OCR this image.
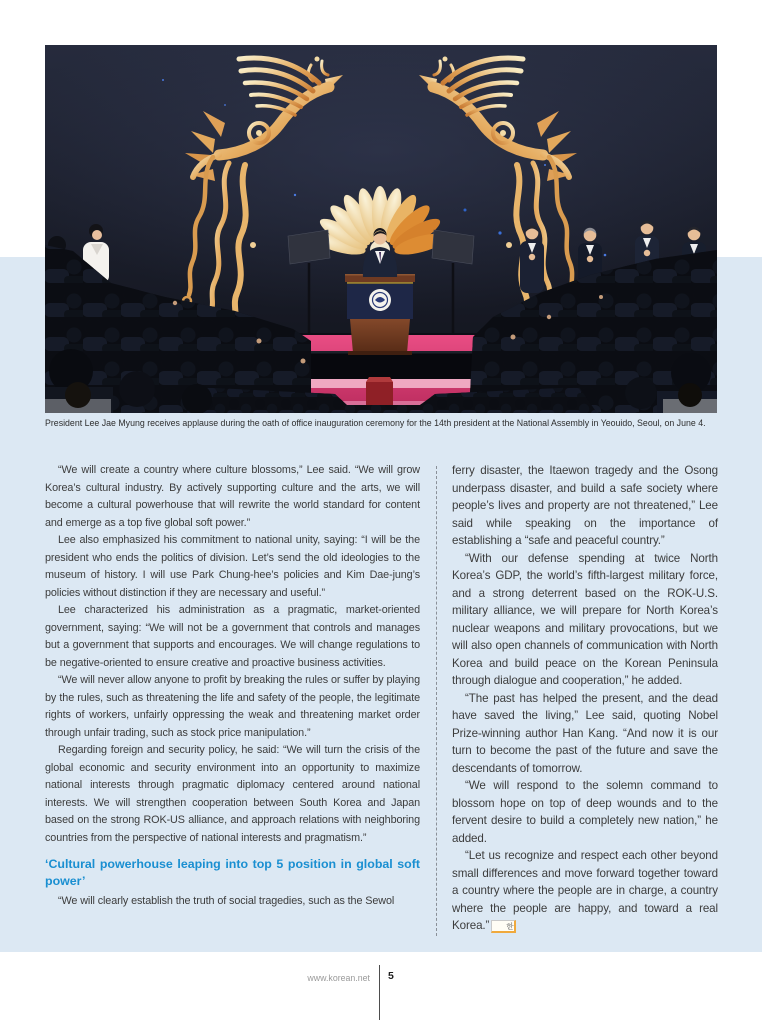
President Lee Jae Myung receives applause during the oath of office inauguration ceremony for the 14th president at the National Assembly in Yeouido, Seoul, on June 4.

“We will create a country where culture blossoms,” Lee said. “We will grow Korea’s cultural industry. By actively supporting culture and the arts, we will become a cultural powerhouse that will rewrite the world standard for content and emerge as a top five global soft power.”

Lee also emphasized his commitment to national unity, saying: “I will be the president who ends the politics of division. Let’s send the old ideologies to the museum of history. I will use Park Chung-hee’s policies and Kim Dae-jung’s policies without distinction if they are necessary and useful.”

Lee characterized his administration as a pragmatic, market-oriented government, saying: “We will not be a government that controls and manages but a government that supports and encourages. We will change regulations to be negative-oriented to ensure creative and proactive business activities.

“We will never allow anyone to profit by breaking the rules or suffer by playing by the rules, such as threatening the life and safety of the people, the legitimate rights of workers, unfairly oppressing the weak and threatening market order through unfair trading, such as stock price manipulation.”

Regarding foreign and security policy, he said: “We will turn the crisis of the global economic and security environment into an opportunity to maximize national interests through pragmatic diplomacy centered around national interests. We will strengthen cooperation between South Korea and Japan based on the strong ROK-US alliance, and approach relations with neighboring countries from the perspective of national interests and pragmatism.”

‘Cultural powerhouse leaping into top 5 position in global soft power’

“We will clearly establish the truth of social tragedies, such as the Sewol

ferry disaster, the Itaewon tragedy and the Osong underpass disaster, and build a safe society where people’s lives and property are not threatened,” Lee said while speaking on the importance of establishing a “safe and peaceful country.”

“With our defense spending at twice North Korea’s GDP, the world’s fifth-largest military force, and a strong deterrent based on the ROK-U.S. military alliance, we will prepare for North Korea’s nuclear weapons and military provocations, but we will also open channels of communication with North Korea and build peace on the Korean Peninsula through dialogue and cooperation,” he added.

“The past has helped the present, and the dead have saved the living,” Lee said, quoting Nobel Prize-winning author Han Kang. “And now it is our turn to become the past of the future and save the descendants of tomorrow.

“We will respond to the solemn command to blossom hope on top of deep wounds and to the fervent desire to build a completely new nation,” he added.

“Let us recognize and respect each other beyond small differences and move forward together toward a country where the people are in charge, a country where the people are happy, and toward a real Korea.” 한

www.korean.net 5
